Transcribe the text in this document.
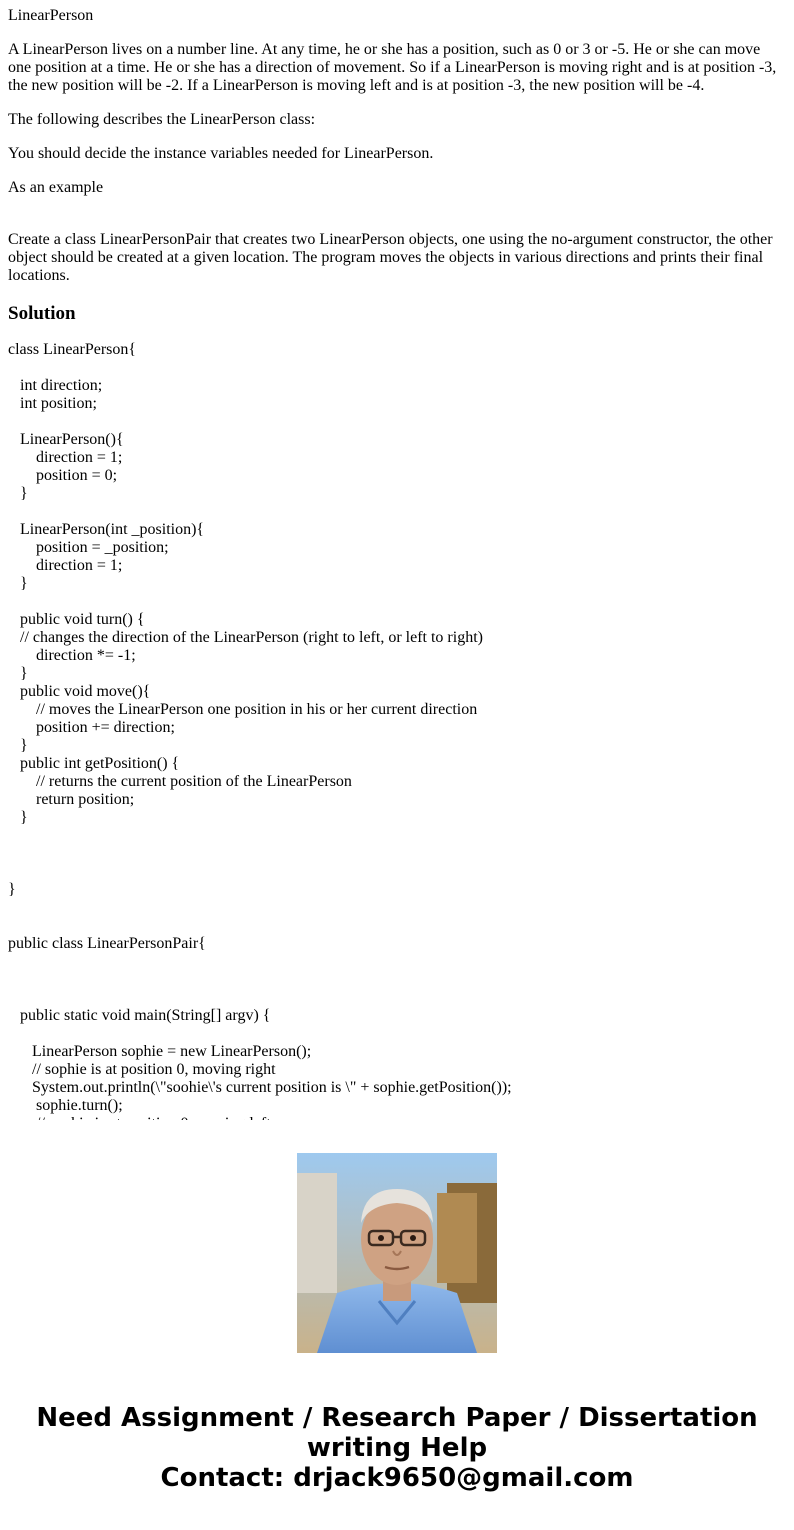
LinearPerson

A LinearPerson lives on a number line. At any time, he or she has a position, such as 0 or 3 or -5. He or she can move one position at a time. He or she has a direction of movement. So if a LinearPerson is moving right and is at position -3, the new position will be -2. If a LinearPerson is moving left and is at position -3, the new position will be -4.

The following describes the LinearPerson class:

You should decide the instance variables needed for LinearPerson.

As an example

Create a class LinearPersonPair that creates two LinearPerson objects, one using the no-argument constructor, the other object should be created at a given location. The program moves the objects in various directions and prints their final locations.

Solution

class LinearPerson{

int direction;

int position;

LinearPerson(){

direction = 1;

position = 0;

}

LinearPerson(int _position){

position = _position;

direction = 1;

}

public void turn() {

// changes the direction of the LinearPerson (right to left, or left to right)

direction *= -1;

}

public void move(){

// moves the LinearPerson one position in his or her current direction

position += direction;

}

public int getPosition() {

// returns the current position of the LinearPerson

return position;

}

}

public class LinearPersonPair{

public static void main(String[] argv) {

LinearPerson sophie = new LinearPerson();

// sophie is at position 0, moving right

System.out.println(\"soohie\'s current position is \" + sophie.getPosition());

sophie.turn();

Need Assignment / Research Paper / Dissertation
writing Help
Contact: drjack9650@gmail.com
